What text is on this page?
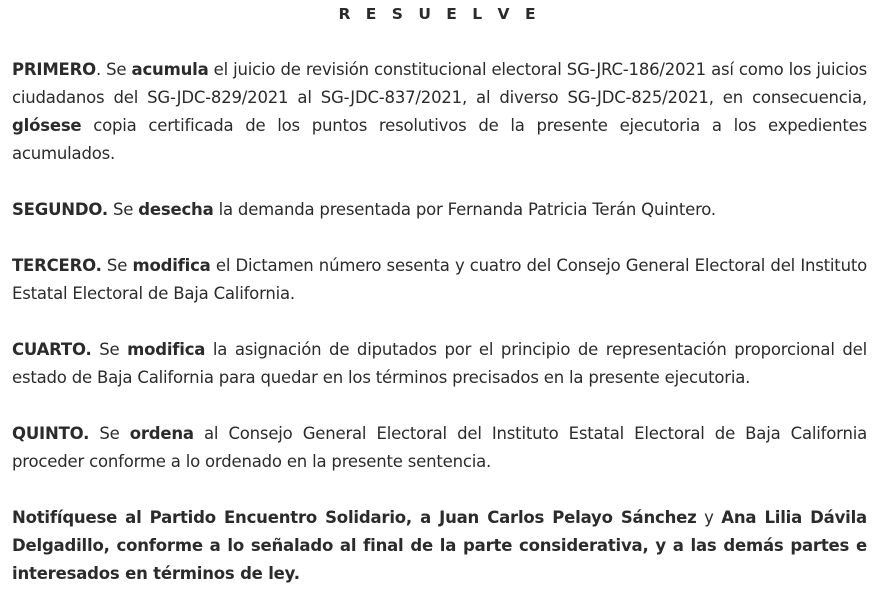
R E S U E L V E

PRIMERO. Se acumula el juicio de revisión constitucional electoral SG-JRC-186/2021 así como los juicios ciudadanos del SG-JDC-829/2021 al SG-JDC-837/2021, al diverso SG-JDC-825/2021, en consecuencia, glósese copia certificada de los puntos resolutivos de la presente ejecutoria a los expedientes acumulados.

SEGUNDO. Se desecha la demanda presentada por Fernanda Patricia Terán Quintero.

TERCERO. Se modifica el Dictamen número sesenta y cuatro del Consejo General Electoral del Instituto Estatal Electoral de Baja California.

CUARTO. Se modifica la asignación de diputados por el principio de representación proporcional del estado de Baja California para quedar en los términos precisados en la presente ejecutoria.

QUINTO. Se ordena al Consejo General Electoral del Instituto Estatal Electoral de Baja California proceder conforme a lo ordenado en la presente sentencia.

Notifíquese al Partido Encuentro Solidario, a Juan Carlos Pelayo Sánchez y Ana Lilia Dávila Delgadillo, conforme a lo señalado al final de la parte considerativa, y a las demás partes e interesados en términos de ley.
